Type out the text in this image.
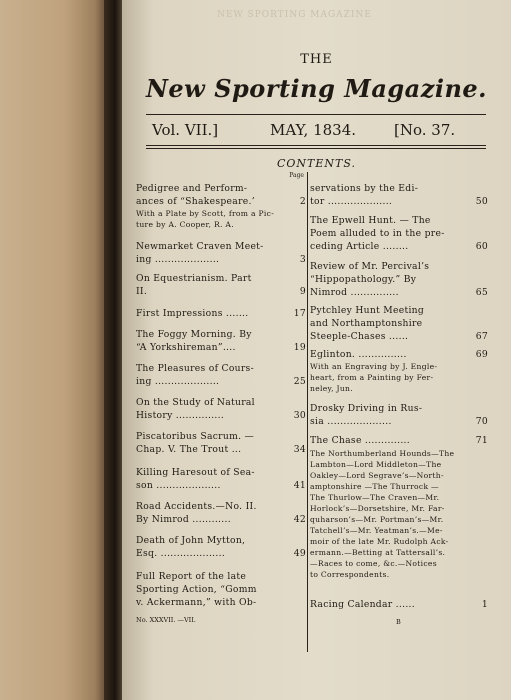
NEW SPORTING MAGAZINE
THE
New Sporting Magazine.
Vol. VII.]	MAY, 1834.	[No. 37.
CONTENTS.
Page
Pedigree and Perform-
ances of “Shakespeare.’	2
With a Plate by Scott, from a Pic-
ture by A. Cooper, R. A.
Newmarket Craven Meet-
ing ....................	3
On Equestrianism. Part
II.	9
First Impressions .......	17
The Foggy Morning. By
“A Yorkshireman”....	19
The Pleasures of Cours-
ing ....................	25
On the Study of Natural
History ...............	30
Piscatoribus Sacrum. —
Chap. V. The Trout ...	34
Killing Haresout of Sea-
son ....................	41
Road Accidents.—No. II.
By Nimrod ............	42
Death of John Mytton,
Esq. ....................	49
Full Report of the late
Sporting Action, “Gomm
v. Ackermann,” with Ob-
No. XXXVII. —VII.
servations by the Edi-
tor ....................	50
The Epwell Hunt. — The
Poem alluded to in the pre-
ceding Article ........	60
Review of Mr. Percival’s
“Hippopathology.” By
Nimrod ...............	65
Pytchley Hunt Meeting
and Northamptonshire
Steeple-Chases ......	67
Eglinton. ...............	69
With an Engraving by J. Engle-
heart, from a Painting by Fer-
neley, Jun.
Drosky Driving in Rus-
sia ....................	70
The Chase ..............	71
The Northumberland Hounds—The
Lambton—Lord Middleton—The
Oakley—Lord Segrave’s—North-
amptonshire —The Thurrock —
The Thurlow—The Craven—Mr.
Horlock’s—Dorsetshire, Mr. Far-
quharson’s—Mr. Portman’s—Mr.
Tatchell’s—Mr. Yeatman’s.—Me-
moir of the late Mr. Rudolph Ack-
ermann.—Betting at Tattersall’s.
—Races to come, &c.—Notices
to Correspondents.
Racing Calendar ......	1
B
